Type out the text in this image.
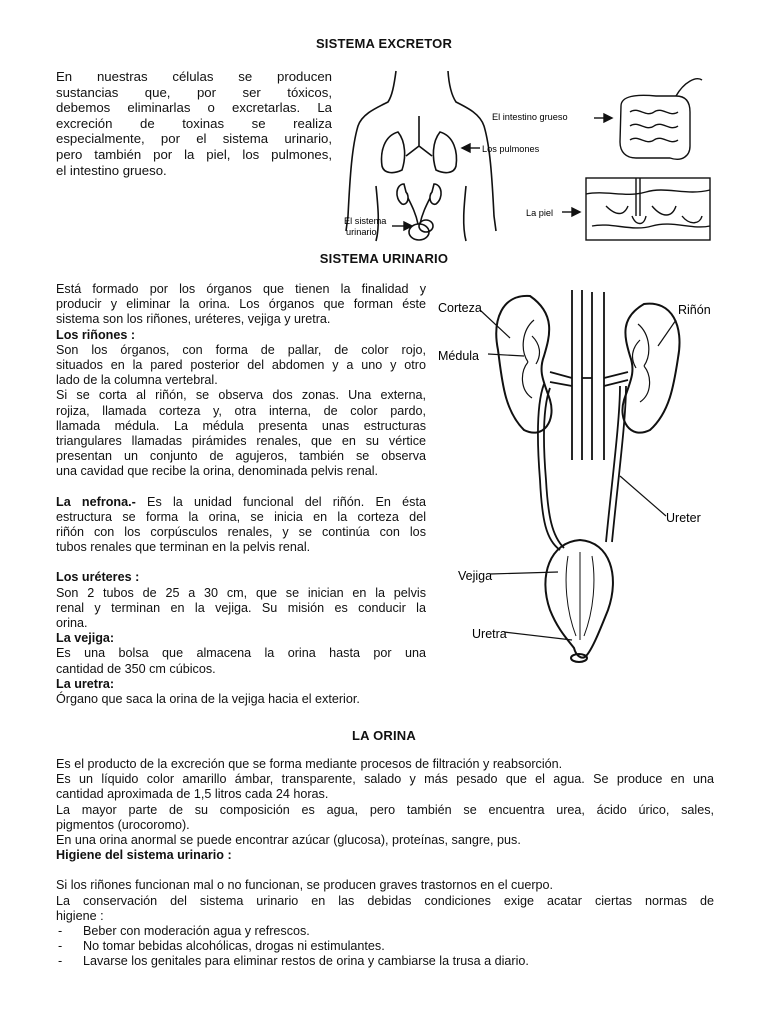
SISTEMA EXCRETOR
En nuestras células se producen
sustancias que, por ser tóxicos,
debemos eliminarlas o excretarlas. La
excreción de toxinas se realiza
especialmente, por el sistema urinario,
pero también por la piel, los pulmones,
el intestino grueso.
El intestino grueso
Los pulmones
La piel
El sistema
urinario
SISTEMA URINARIO
Está formado por los órganos que tienen la finalidad y
producir y eliminar la orina. Los órganos que forman éste
sistema son los riñones, uréteres, vejiga y uretra.
Los riñones :
Son los órganos, con forma de pallar, de color rojo,
situados en la pared posterior del abdomen y a uno y otro
lado de la columna vertebral.
Si se corta al riñón, se observa dos zonas. Una externa,
rojiza, llamada corteza y, otra interna, de color pardo,
llamada médula. La médula presenta unas estructuras
triangulares llamadas pirámides renales, que en su vértice
presentan un conjunto de agujeros, también se observa
una cavidad que recibe la orina, denominada pelvis renal.
La nefrona.- Es la unidad funcional del riñón. En ésta
estructura se forma la orina, se inicia en la corteza del
riñón con los corpúsculos renales, y se continúa con los
tubos renales que terminan en la pelvis renal.
Los uréteres :
Son 2 tubos de 25 a 30 cm, que se inician en la pelvis
renal y terminan en la vejiga. Su misión es conducir la
orina.
La vejiga:
Es una bolsa que almacena la orina hasta por una
cantidad de 350 cm cúbicos.
La uretra:
Órgano que saca la orina de la vejiga hacia el exterior.
Corteza	Riñón
Médula
Ureter
Vejiga
Uretra
LA ORINA
Es el producto de la excreción que se forma mediante procesos de filtración y reabsorción.
Es un líquido color amarillo ámbar, transparente, salado y más pesado que el agua. Se produce en una
cantidad aproximada de 1,5 litros cada 24 horas.
La mayor parte de su composición es agua, pero también se encuentra urea, ácido úrico, sales,
pigmentos (urocoromo).
En una orina anormal se puede encontrar azúcar (glucosa), proteínas, sangre, pus.
Higiene del sistema urinario :
Si los riñones funcionan mal o no funcionan, se producen graves trastornos en el cuerpo.
La conservación del sistema urinario en las debidas condiciones exige acatar ciertas normas de
higiene :
- Beber con moderación agua y refrescos.
- No tomar bebidas alcohólicas, drogas ni estimulantes.
- Lavarse los genitales para eliminar restos de orina y cambiarse la trusa a diario.
